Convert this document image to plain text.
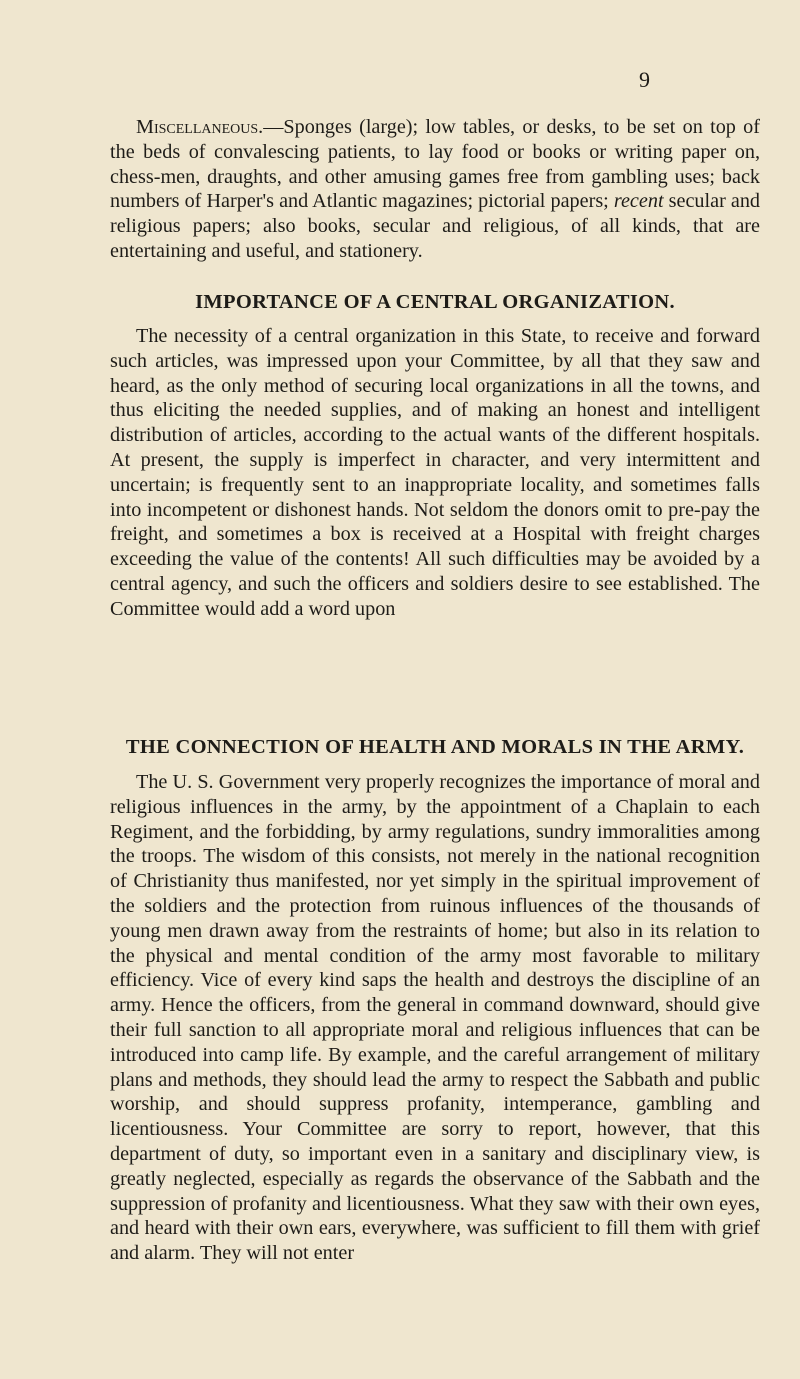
9

Miscellaneous.—Sponges (large); low tables, or desks, to be set on top of the beds of convalescing patients, to lay food or books or writing paper on, chess-men, draughts, and other amusing games free from gambling uses; back numbers of Harper's and Atlantic magazines; pictorial papers; recent secular and religious papers; also books, secular and religious, of all kinds, that are entertaining and useful, and stationery.

IMPORTANCE OF A CENTRAL ORGANIZATION.

The necessity of a central organization in this State, to receive and forward such articles, was impressed upon your Committee, by all that they saw and heard, as the only method of securing local organizations in all the towns, and thus eliciting the needed supplies, and of making an honest and intelligent distribution of articles, according to the actual wants of the different hospitals. At present, the supply is imperfect in character, and very intermittent and uncertain; is frequently sent to an inappropriate locality, and sometimes falls into incompetent or dishonest hands. Not seldom the donors omit to pre-pay the freight, and sometimes a box is received at a Hospital with freight charges exceeding the value of the contents! All such difficulties may be avoided by a central agency, and such the officers and soldiers desire to see established. The Committee would add a word upon

THE CONNECTION OF HEALTH AND MORALS IN THE ARMY.

The U. S. Government very properly recognizes the importance of moral and religious influences in the army, by the appointment of a Chaplain to each Regiment, and the forbidding, by army regulations, sundry immoralities among the troops. The wisdom of this consists, not merely in the national recognition of Christianity thus manifested, nor yet simply in the spiritual improvement of the soldiers and the protection from ruinous influences of the thousands of young men drawn away from the restraints of home; but also in its relation to the physical and mental condition of the army most favorable to military efficiency. Vice of every kind saps the health and destroys the discipline of an army. Hence the officers, from the general in command downward, should give their full sanction to all appropriate moral and religious influences that can be introduced into camp life. By example, and the careful arrangement of military plans and methods, they should lead the army to respect the Sabbath and public worship, and should suppress profanity, intemperance, gambling and licentiousness. Your Committee are sorry to report, however, that this department of duty, so important even in a sanitary and disciplinary view, is greatly neglected, especially as regards the observance of the Sabbath and the suppression of profanity and licentiousness. What they saw with their own eyes, and heard with their own ears, everywhere, was sufficient to fill them with grief and alarm. They will not enter
